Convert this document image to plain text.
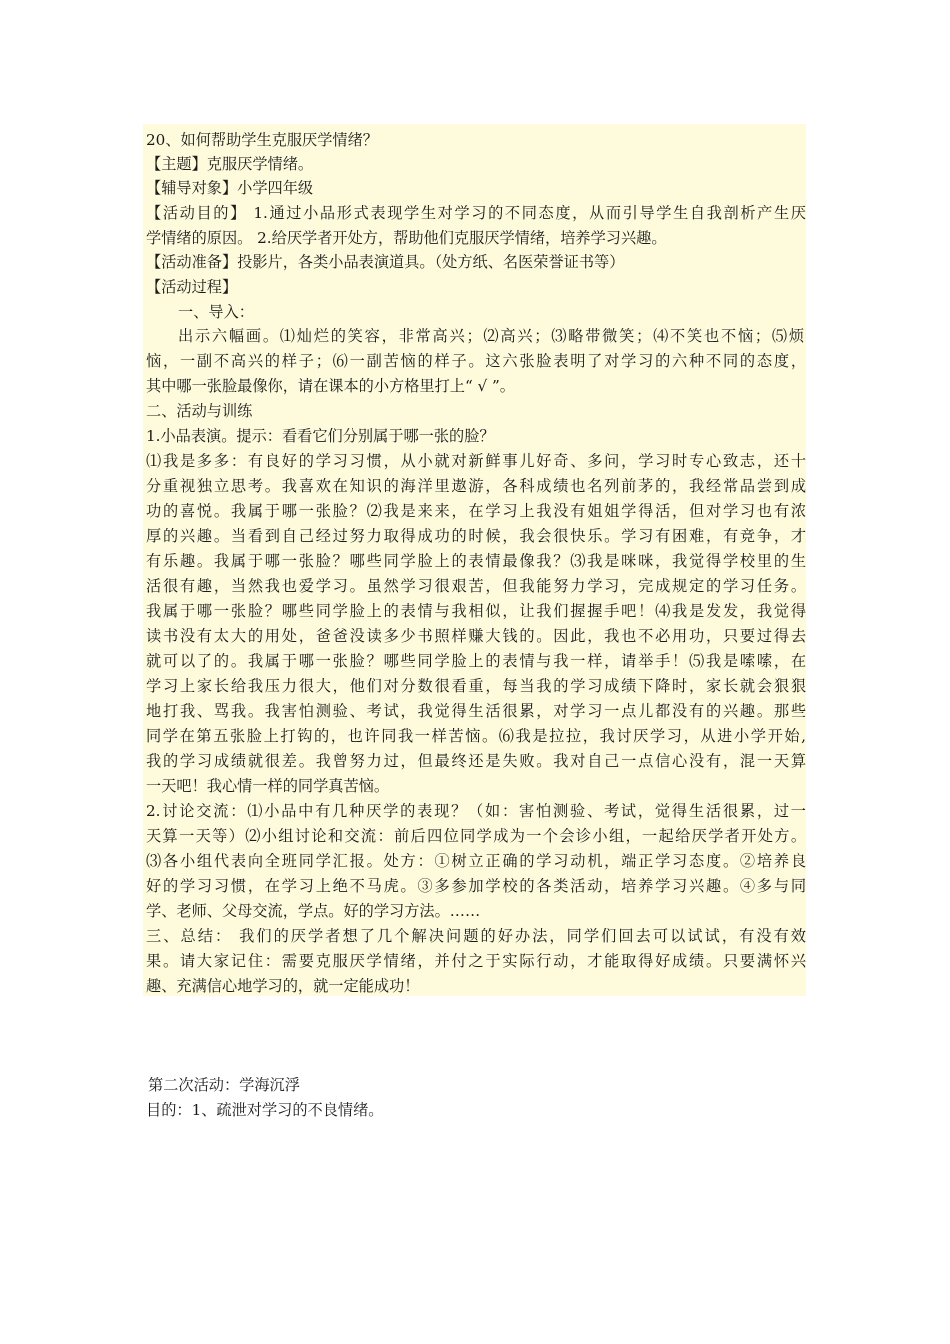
20、如何帮助学生克服厌学情绪？
【主题】克服厌学情绪。
【辅导对象】小学四年级
【活动目的】 1.通过小品形式表现学生对学习的不同态度，从而引导学生自我剖析产生厌
学情绪的原因。 2.给厌学者开处方，帮助他们克服厌学情绪，培养学习兴趣。
【活动准备】投影片，各类小品表演道具。（处方纸、名医荣誉证书等）
【活动过程】
一、导入：
出示六幅画。⑴灿烂的笑容，非常高兴；⑵高兴；⑶略带微笑；⑷不笑也不恼；⑸烦
恼，一副不高兴的样子；⑹一副苦恼的样子。这六张脸表明了对学习的六种不同的态度，
其中哪一张脸最像你，请在课本的小方格里打上“ √ ”。
二、活动与训练
1.小品表演。提示：看看它们分别属于哪一张的脸？
⑴我是多多：有良好的学习习惯，从小就对新鲜事儿好奇、多问，学习时专心致志，还十
分重视独立思考。我喜欢在知识的海洋里遨游，各科成绩也名列前茅的，我经常品尝到成
功的喜悦。我属于哪一张脸？⑵我是来来，在学习上我没有姐姐学得活，但对学习也有浓
厚的兴趣。当看到自己经过努力取得成功的时候，我会很快乐。学习有困难，有竞争，才
有乐趣。我属于哪一张脸？哪些同学脸上的表情最像我？⑶我是咪咪，我觉得学校里的生
活很有趣，当然我也爱学习。虽然学习很艰苦，但我能努力学习，完成规定的学习任务。
我属于哪一张脸？哪些同学脸上的表情与我相似，让我们握握手吧！⑷我是发发，我觉得
读书没有太大的用处，爸爸没读多少书照样赚大钱的。因此，我也不必用功，只要过得去
就可以了的。我属于哪一张脸？哪些同学脸上的表情与我一样，请举手！⑸我是嗦嗦，在
学习上家长给我压力很大，他们对分数很看重，每当我的学习成绩下降时，家长就会狠狠
地打我、骂我。我害怕测验、考试，我觉得生活很累，对学习一点儿都没有的兴趣。那些
同学在第五张脸上打钩的，也许同我一样苦恼。⑹我是拉拉，我讨厌学习，从进小学开始,
我的学习成绩就很差。我曾努力过，但最终还是失败。我对自己一点信心没有，混一天算
一天吧！我心情一样的同学真苦恼。
2.讨论交流：⑴小品中有几种厌学的表现？（如：害怕测验、考试，觉得生活很累，过一
天算一天等）⑵小组讨论和交流：前后四位同学成为一个会诊小组，一起给厌学者开处方。
⑶各小组代表向全班同学汇报。处方：①树立正确的学习动机，端正学习态度。②培养良
好的学习习惯，在学习上绝不马虎。③多参加学校的各类活动，培养学习兴趣。④多与同
学、老师、父母交流，学点。好的学习方法。……
三、总结： 我们的厌学者想了几个解决问题的好办法，同学们回去可以试试，有没有效
果。请大家记住：需要克服厌学情绪，并付之于实际行动，才能取得好成绩。只要满怀兴
趣、充满信心地学习的，就一定能成功！
第二次活动：学海沉浮
目的：1、疏泄对学习的不良情绪。
